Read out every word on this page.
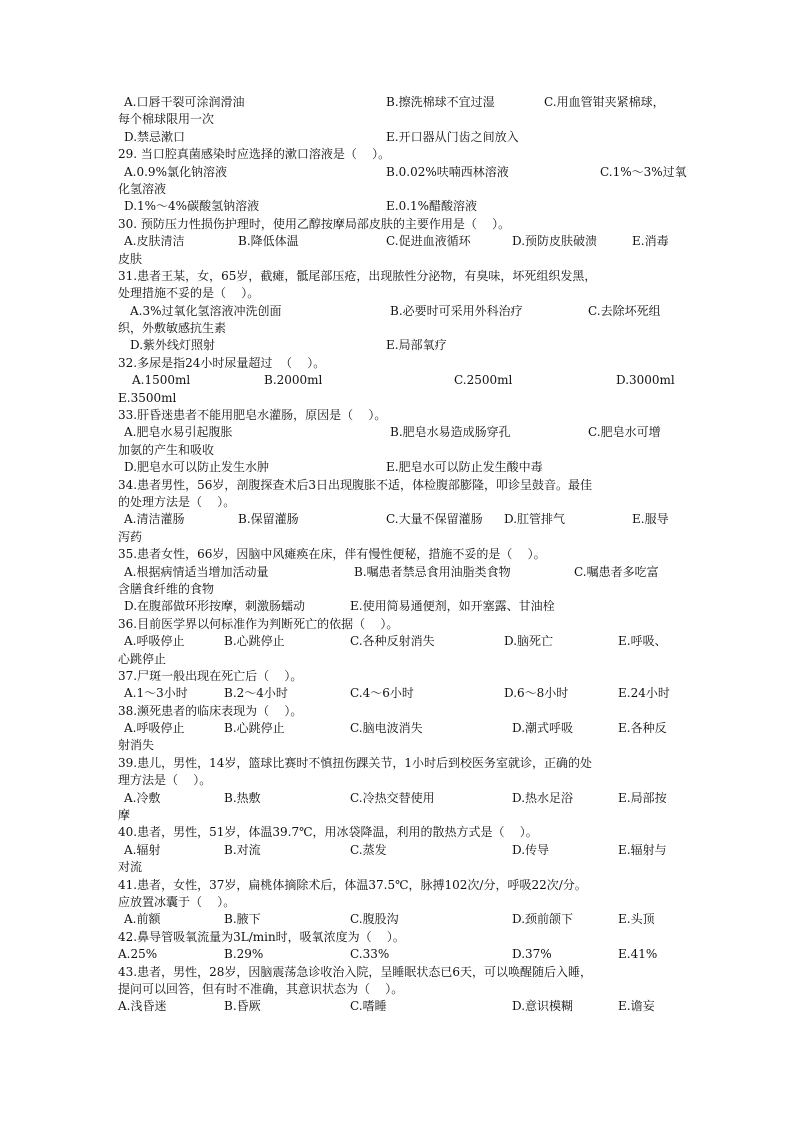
A.口唇干裂可涂润滑油	B.擦洗棉球不宜过湿	C.用血管钳夹紧棉球，
每个棉球限用一次
D.禁忌漱口	E.开口器从门齿之间放入
29. 当口腔真菌感染时应选择的漱口溶液是（    ）。
A.0.9%氯化钠溶液	B.0.02%呋喃西林溶液	C.1%～3%过氧
化氢溶液
D.1%～4%碳酸氢钠溶液	E.0.1%醋酸溶液
30. 预防压力性损伤护理时，使用乙醇按摩局部皮肤的主要作用是（    ）。
A.皮肤清洁	B.降低体温	C.促进血液循环	D.预防皮肤破溃	E.消毒
皮肤
31.患者王某，女，65岁，截瘫，骶尾部压疮，出现脓性分泌物，有臭味，坏死组织发黑，
处理措施不妥的是（    ）。
A.3%过氧化氢溶液冲洗创面	B.必要时可采用外科治疗	C.去除坏死组
织，外敷敏感抗生素
D.紫外线灯照射	E.局部氧疗
32.多尿是指24小时尿量超过  （    ）。
A.1500ml	B.2000ml	C.2500ml	D.3000ml
E.3500ml
33.肝昏迷患者不能用肥皂水灌肠，原因是（    ）。
A.肥皂水易引起腹胀	B.肥皂水易造成肠穿孔	C.肥皂水可增
加氨的产生和吸收
D.肥皂水可以防止发生水肿	E.肥皂水可以防止发生酸中毒
34.患者男性，56岁，剖腹探查术后3日出现腹胀不适，体检腹部膨隆，叩诊呈鼓音。最佳
的处理方法是（    ）。
A.清洁灌肠	B.保留灌肠	C.大量不保留灌肠 D.肛管排气	E.服导
泻药
35.患者女性，66岁，因脑中风瘫痪在床，伴有慢性便秘，措施不妥的是（    ）。
A.根据病情适当增加活动量	B.嘱患者禁忌食用油脂类食物	C.嘱患者多吃富
含膳食纤维的食物
D.在腹部做环形按摩，刺激肠蠕动	E.使用简易通便剂，如开塞露、甘油栓
36.目前医学界以何标准作为判断死亡的依据（    ）。
A.呼吸停止	B.心跳停止	C.各种反射消失	D.脑死亡	E.呼吸、
心跳停止
37.尸斑一般出现在死亡后（    ）。
A.1～3小时	B.2～4小时	C.4～6小时	D.6～8小时	E.24小时
38.濒死患者的临床表现为（    ）。
A.呼吸停止	B.心跳停止	C.脑电波消失	D.潮式呼吸	E.各种反
射消失
39.患儿，男性，14岁，篮球比赛时不慎扭伤踝关节，1小时后到校医务室就诊，正确的处
理方法是（    ）。
A.冷敷	B.热敷	C.冷热交替使用	D.热水足浴	E.局部按
摩
40.患者，男性，51岁，体温39.7℃，用冰袋降温，利用的散热方式是（    ）。
A.辐射	B.对流	C.蒸发	D.传导	E.辐射与
对流
41.患者，女性，37岁，扁桃体摘除术后，体温37.5℃，脉搏102次/分，呼吸22次/分。
应放置冰囊于（    ）。
A.前额	B.腋下	C.腹股沟	D.颈前颌下	E.头顶
42.鼻导管吸氧流量为3L/min时，吸氧浓度为（    ）。
A.25%	B.29%	C.33%	D.37%	E.41%
43.患者，男性，28岁，因脑震荡急诊收治入院，呈睡眠状态已6天，可以唤醒随后入睡，
提问可以回答，但有时不准确，其意识状态为（    ）。
A.浅昏迷	B.昏厥	C.嗜睡	D.意识模糊	E.谵妄
